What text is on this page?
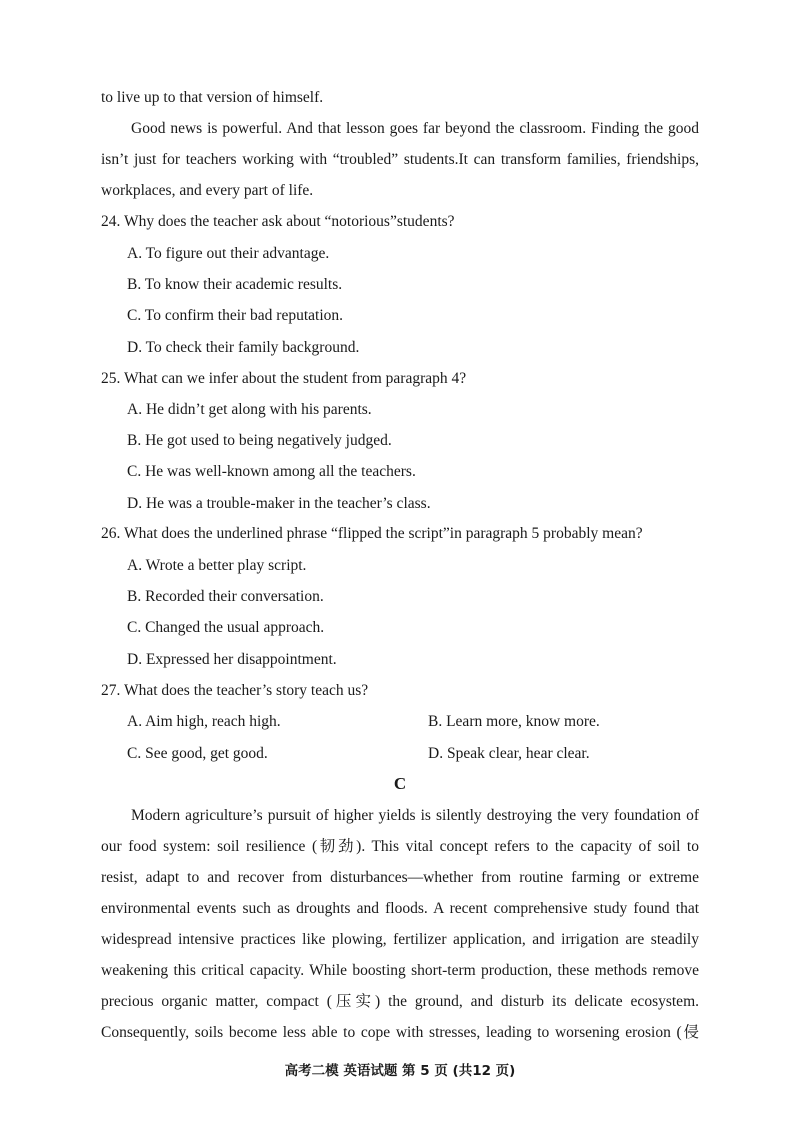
to live up to that version of himself.
Good news is powerful. And that lesson goes far beyond the classroom. Finding the good
isn’t just for teachers working with “troubled” students.It can transform families, friendships,
workplaces, and every part of life.
24. Why does the teacher ask about “notorious”students?
A. To figure out their advantage.
B. To know their academic results.
C. To confirm their bad reputation.
D. To check their family background.
25. What can we infer about the student from paragraph 4?
A. He didn’t get along with his parents.
B. He got used to being negatively judged.
C. He was well-known among all the teachers.
D. He was a trouble-maker in the teacher’s class.
26. What does the underlined phrase “flipped the script”in paragraph 5 probably mean?
A. Wrote a better play script.
B. Recorded their conversation.
C. Changed the usual approach.
D. Expressed her disappointment.
27. What does the teacher’s story teach us?
A. Aim high, reach high.	B. Learn more, know more.
C. See good, get good.	D. Speak clear, hear clear.
C
Modern agriculture’s pursuit of higher yields is silently destroying the very foundation of
our food system: soil resilience (韧劲). This vital concept refers to the capacity of soil to
resist, adapt to and recover from disturbances—whether from routine farming or extreme
environmental events such as droughts and floods. A recent comprehensive study found that
widespread intensive practices like plowing, fertilizer application, and irrigation are steadily
weakening this critical capacity. While boosting short-term production, these methods remove
precious organic matter, compact (压实) the ground, and disturb its delicate ecosystem.
Consequently, soils become less able to cope with stresses, leading to worsening erosion (侵
高考二模 英语试题 第 5 页 (共12 页)
